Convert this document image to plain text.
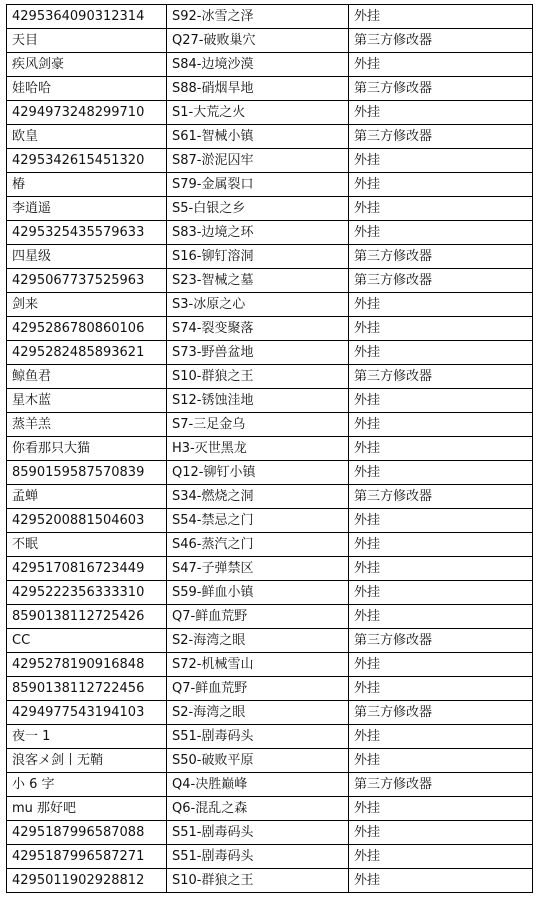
4295364090312314	S92-冰雪之泽	外挂
天目	Q27-破败巢穴	第三方修改器
疾风剑豪	S84-边境沙漠	外挂
娃哈哈	S88-硝烟旱地	第三方修改器
4294973248299710	S1-大荒之火	外挂
欧皇	S61-智械小镇	第三方修改器
4295342615451320	S87-淤泥囚牢	外挂
椿	S79-金属裂口	外挂
李逍遥	S5-白银之乡	外挂
4295325435579633	S83-边境之环	外挂
四星级	S16-铆钉溶洞	第三方修改器
4295067737525963	S23-智械之墓	第三方修改器
剑来	S3-冰原之心	外挂
4295286780860106	S74-裂变聚落	外挂
4295282485893621	S73-野兽盆地	外挂
鲸鱼君	S10-群狼之王	第三方修改器
星木蓝	S12-锈蚀洼地	外挂
蒸羊羔	S7-三足金乌	外挂
你看那只大猫	H3-灭世黑龙	外挂
8590159587570839	Q12-铆钉小镇	外挂
孟蝉	S34-燃烧之洞	第三方修改器
4295200881504603	S54-禁忌之门	外挂
不眠	S46-蒸汽之门	外挂
4295170816723449	S47-子弹禁区	外挂
4295222356333310	S59-鲜血小镇	外挂
8590138112725426	Q7-鲜血荒野	外挂
CC	S2-海湾之眼	第三方修改器
4295278190916848	S72-机械雪山	外挂
8590138112722456	Q7-鲜血荒野	外挂
4294977543194103	S2-海湾之眼	第三方修改器
夜一 1	S51-剧毒码头	外挂
浪客メ剑丨无鞘	S50-破败平原	外挂
小 6 字	Q4-决胜巅峰	第三方修改器
mu 那好吧	Q6-混乱之森	外挂
4295187996587088	S51-剧毒码头	外挂
4295187996587271	S51-剧毒码头	外挂
4295011902928812	S10-群狼之王	外挂
